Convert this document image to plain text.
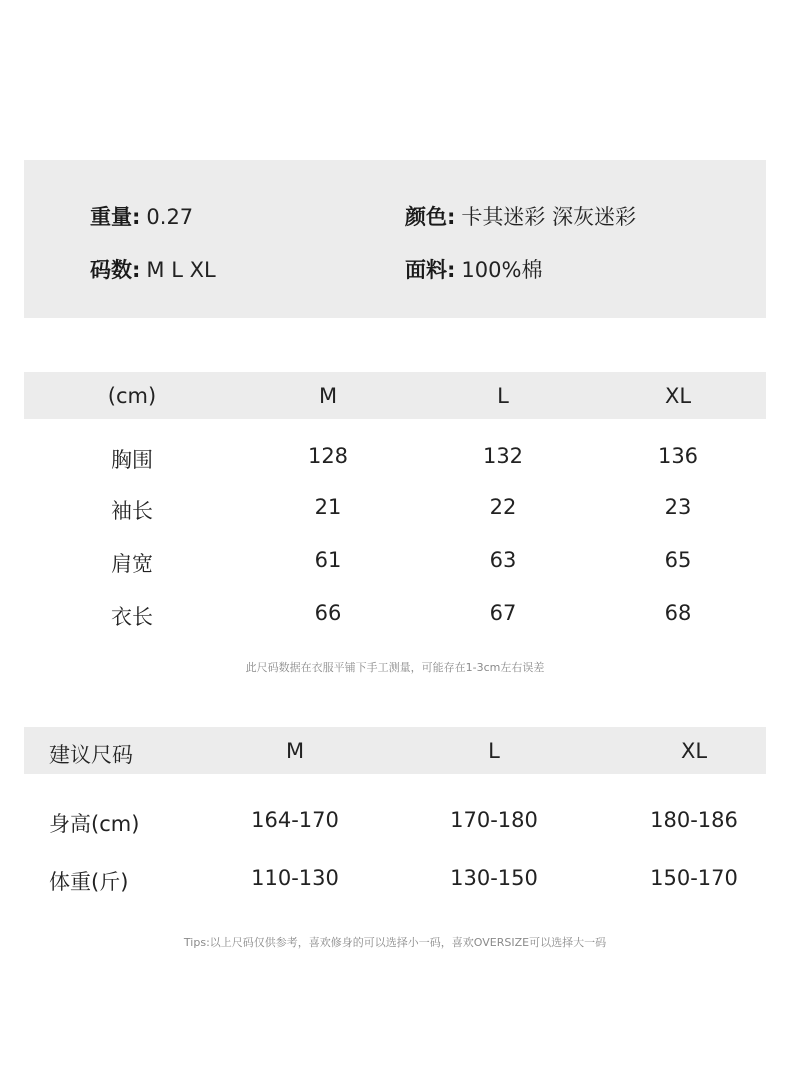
重量: 0.27	颜色: 卡其迷彩 深灰迷彩
码数: M L XL	面料: 100%棉
(cm)	M	L	XL
胸围	128	132	136
袖长	21	22	23
肩宽	61	63	65
衣长	66	67	68
此尺码数据在衣服平铺下手工测量，可能存在1-3cm左右误差
建议尺码	M	L	XL
身高(cm)	164-170	170-180	180-186
体重(斤)	110-130	130-150	150-170
Tips:以上尺码仅供参考，喜欢修身的可以选择小一码，喜欢OVERSIZE可以选择大一码
